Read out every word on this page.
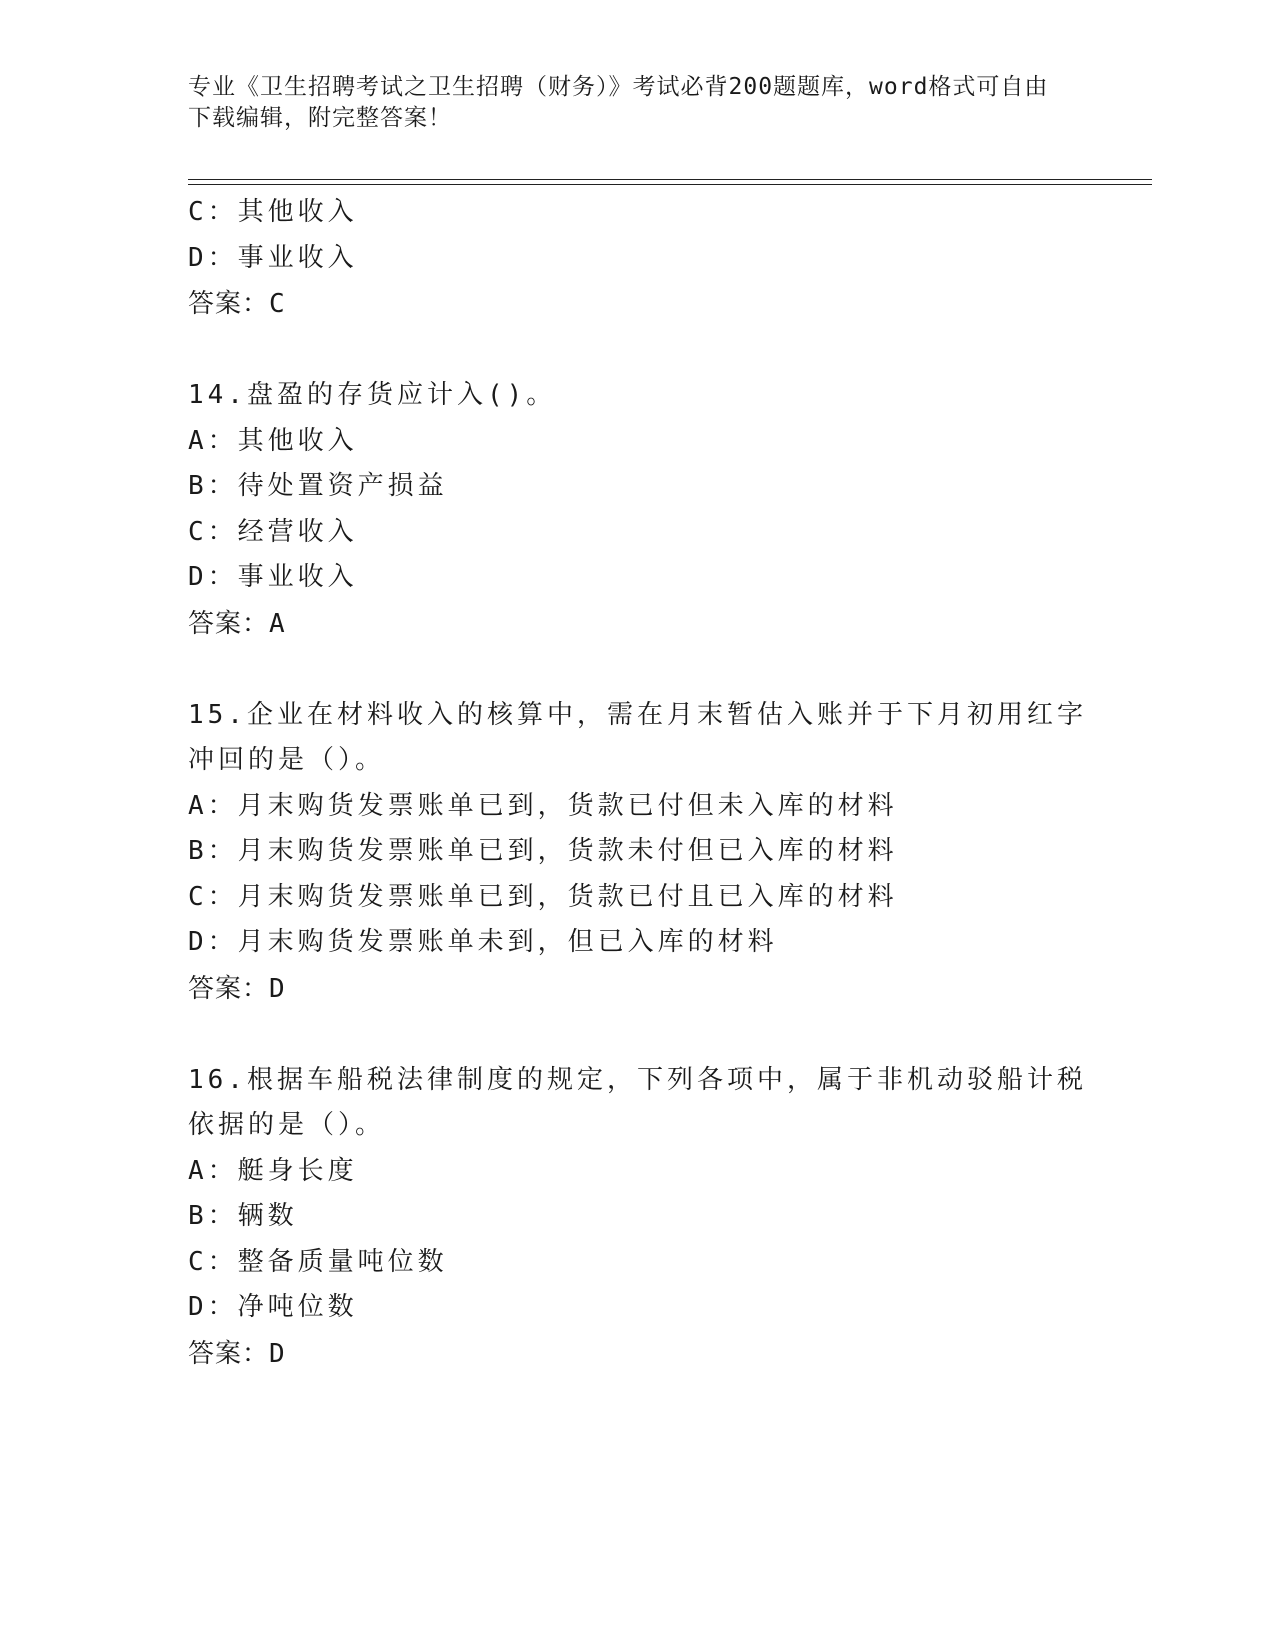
专业《卫生招聘考试之卫生招聘（财务）》考试必背200题题库，word格式可自由下载编辑，附完整答案！
C：其他收入
D：事业收入
答案：C
14.盘盈的存货应计入()。
A：其他收入
B：待处置资产损益
C：经营收入
D：事业收入
答案：A
15.企业在材料收入的核算中，需在月末暂估入账并于下月初用红字冲回的是（）。
A：月末购货发票账单已到，货款已付但未入库的材料
B：月末购货发票账单已到，货款未付但已入库的材料
C：月末购货发票账单已到，货款已付且已入库的材料
D：月末购货发票账单未到，但已入库的材料
答案：D
16.根据车船税法律制度的规定，下列各项中，属于非机动驳船计税依据的是（）。
A：艇身长度
B：辆数
C：整备质量吨位数
D：净吨位数
答案：D
